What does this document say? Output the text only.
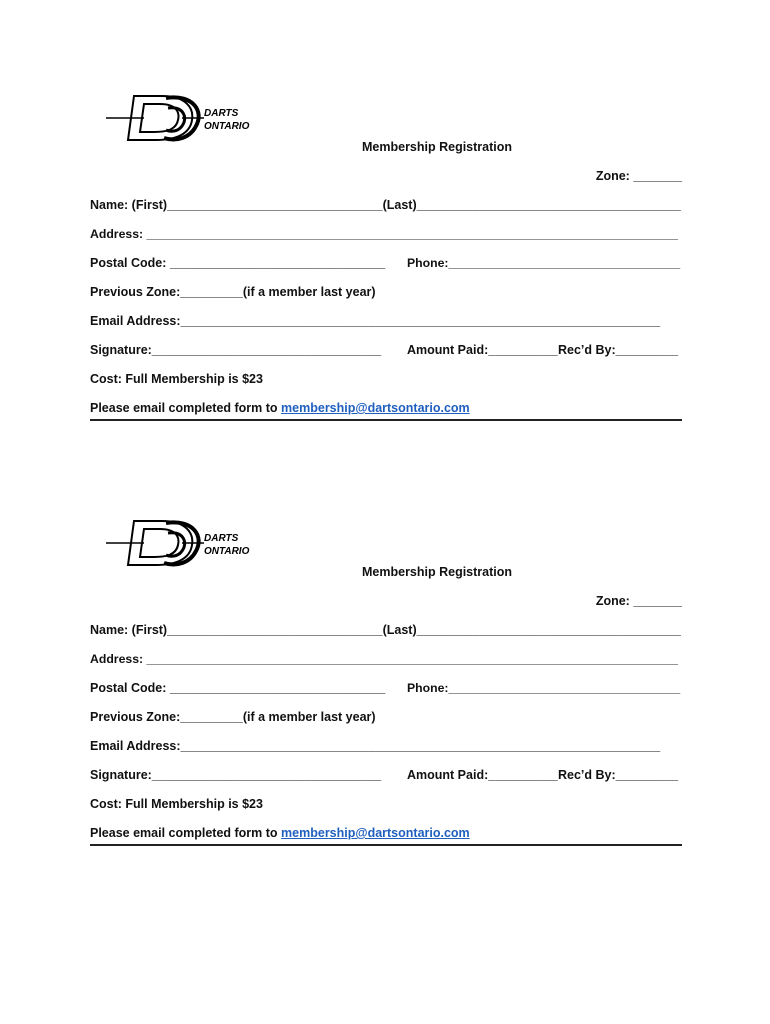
DARTS
ONTARIO
Membership Registration
Zone: _______
Name: (First)_______________________________(Last)______________________________________
Address: ______________________________________________________________________________
Postal Code: _______________________________ Phone:__________________________________
Previous Zone:_________(if a member last year)
Email Address:_____________________________________________________________________
Signature:_________________________________ Amount Paid:__________ Rec’d By:_________
Cost: Full Membership is $23
Please email completed form to membership@dartsontario.com
DARTS
ONTARIO
Membership Registration
Zone: _______
Name: (First)_______________________________(Last)______________________________________
Address: ______________________________________________________________________________
Postal Code: _______________________________ Phone:__________________________________
Previous Zone:_________(if a member last year)
Email Address:_____________________________________________________________________
Signature:_________________________________ Amount Paid:__________ Rec’d By:_________
Cost: Full Membership is $23
Please email completed form to membership@dartsontario.com
